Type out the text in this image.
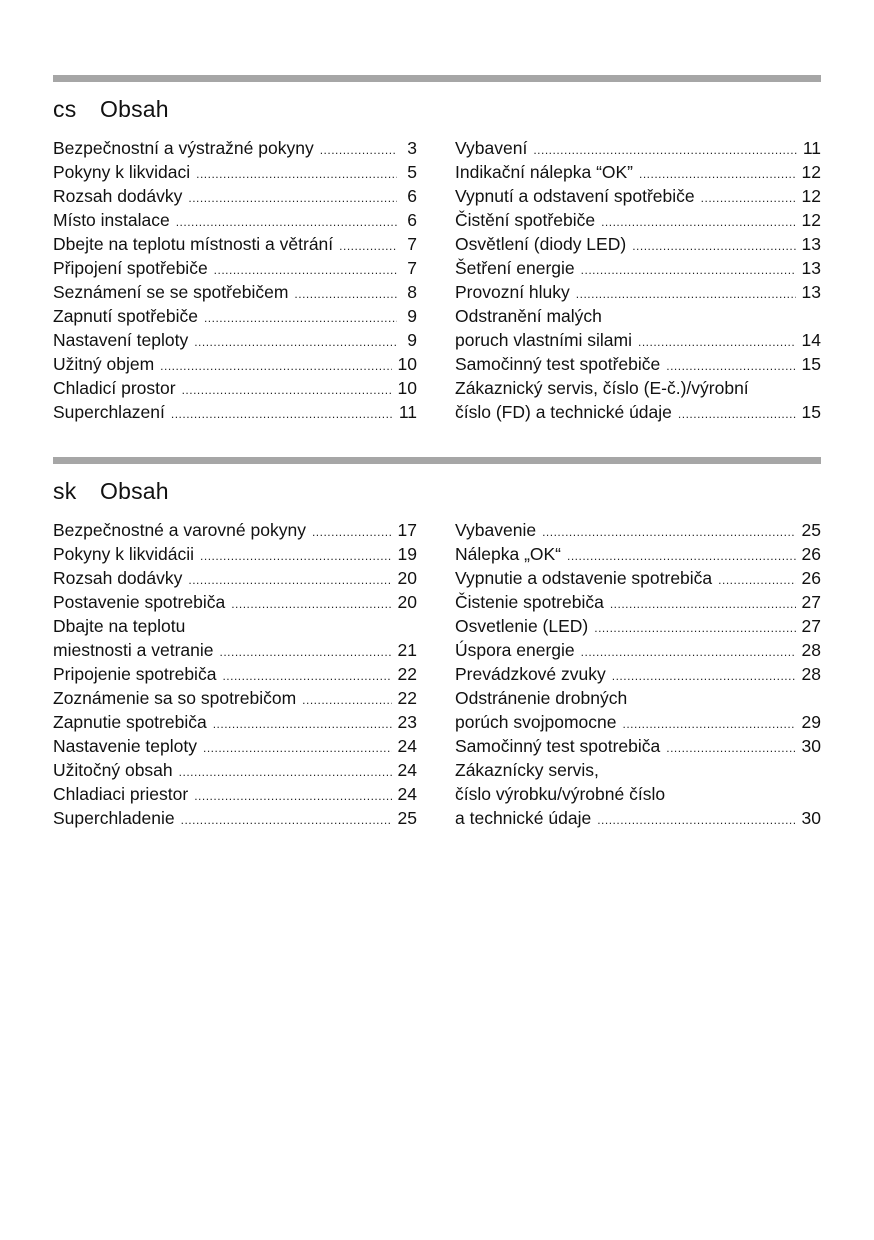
cs Obsah
Bezpečnostní a výstražné pokyny .....	3
Pokyny k likvidaci .....	5
Rozsah dodávky .....	6
Místo instalace .....	6
Dbejte na teplotu místnosti a větrání .....	7
Připojení spotřebiče .....	7
Seznámení se se spotřebičem .....	8
Zapnutí spotřebiče .....	9
Nastavení teploty .....	9
Užitný objem .....	10
Chladicí prostor .....	10
Superchlazení .....	11
Vybavení .....	11
Indikační nálepka “OK” .....	12
Vypnutí a odstavení spotřebiče .....	12
Čistění spotřebiče .....	12
Osvětlení (diody LED) .....	13
Šetření energie .....	13
Provozní hluky .....	13
Odstranění malých
poruch vlastními silami .....	14
Samočinný test spotřebiče .....	15
Zákaznický servis, číslo (E-č.)/výrobní
číslo (FD) a technické údaje .....	15
sk Obsah
Bezpečnostné a varovné pokyny .....	17
Pokyny k likvidácii .....	19
Rozsah dodávky .....	20
Postavenie spotrebiča .....	20
Dbajte na teplotu
miestnosti a vetranie .....	21
Pripojenie spotrebiča .....	22
Zoznámenie sa so spotrebičom .....	22
Zapnutie spotrebiča .....	23
Nastavenie teploty .....	24
Užitočný obsah .....	24
Chladiaci priestor .....	24
Superchladenie .....	25
Vybavenie .....	25
Nálepka „OK“ .....	26
Vypnutie a odstavenie spotrebiča .....	26
Čistenie spotrebiča .....	27
Osvetlenie (LED) .....	27
Úspora energie .....	28
Prevádzkové zvuky .....	28
Odstránenie drobných
porúch svojpomocne .....	29
Samočinný test spotrebiča .....	30
Zákaznícky servis,
číslo výrobku/výrobné číslo
a technické údaje .....	30
